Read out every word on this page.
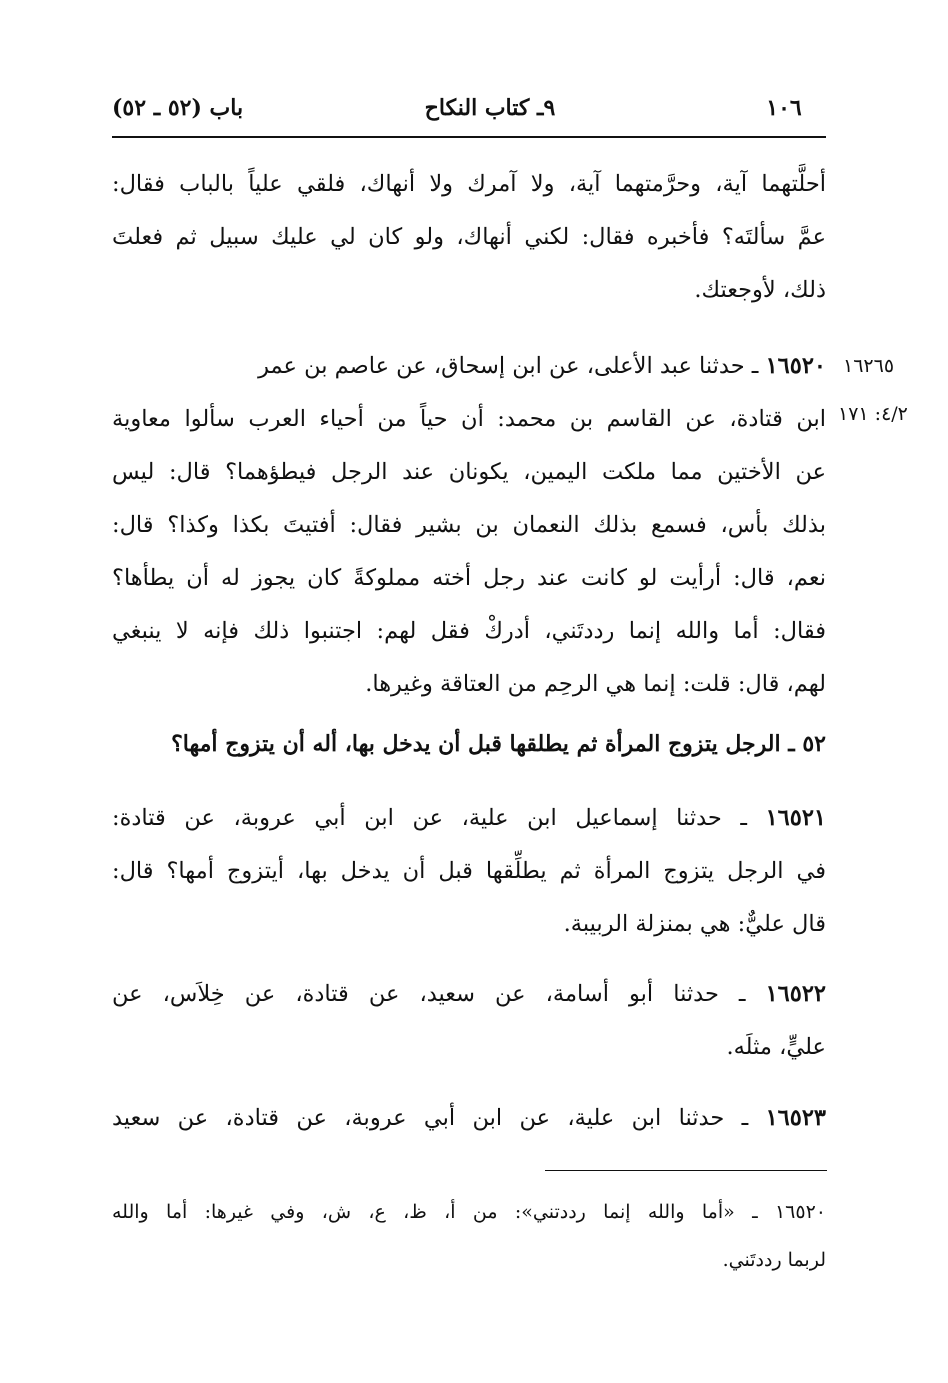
١٠٦
٩ـ كتاب النكاح
باب (٥٢ ـ ٥٢)
أحلَّتهما آية، وحرَّمتهما آية، ولا آمرك ولا أنهاك، فلقي علياً بالباب فقال:
عمَّ سألتَه؟ فأخبره فقال: لكني أنهاك، ولو كان لي عليك سبيل ثم فعلتَ
ذلك، لأوجعتك.
١٦٥٢٠ ـ حدثنا عبد الأعلى، عن ابن إسحاق، عن عاصم بن عمر
ابن قتادة، عن القاسم بن محمد: أن حياً من أحياء العرب سألوا معاوية
عن الأختين مما ملكت اليمين، يكونان عند الرجل فيطؤهما؟ قال: ليس
بذلك بأس، فسمع بذلك النعمان بن بشير فقال: أفتيتَ بكذا وكذا؟ قال:
نعم، قال: أرأيت لو كانت عند رجل أخته مملوكةً كان يجوز له أن يطأها؟
فقال: أما والله إنما رددتَني، أدركْ فقل لهم: اجتنبوا ذلك فإنه لا ينبغي
لهم، قال: قلت: إنما هي الرحِم من العتاقة وغيرها.
١٦٢٦٥
٤/٢: ١٧١
٥٢ ـ الرجل يتزوج المرأة ثم يطلقها قبل أن يدخل بها، أله أن يتزوج أمها؟
١٦٥٢١ ـ حدثنا إسماعيل ابن علية، عن ابن أبي عروبة، عن قتادة:
في الرجل يتزوج المرأة ثم يطلِّقها قبل أن يدخل بها، أيتزوج أمها؟ قال:
قال عليٌّ: هي بمنزلة الربيبة.
١٦٥٢٢ ـ حدثنا أبو أسامة، عن سعيد، عن قتادة، عن خِلاَس، عن
عليٍّ، مثلَه.
١٦٥٢٣ ـ حدثنا ابن علية، عن ابن أبي عروبة، عن قتادة، عن سعيد
١٦٥٢٠ ـ «أما والله إنما رددتني»: من أ، ظ، ع، ش، وفي غيرها: أما والله
لربما رددتَني.
